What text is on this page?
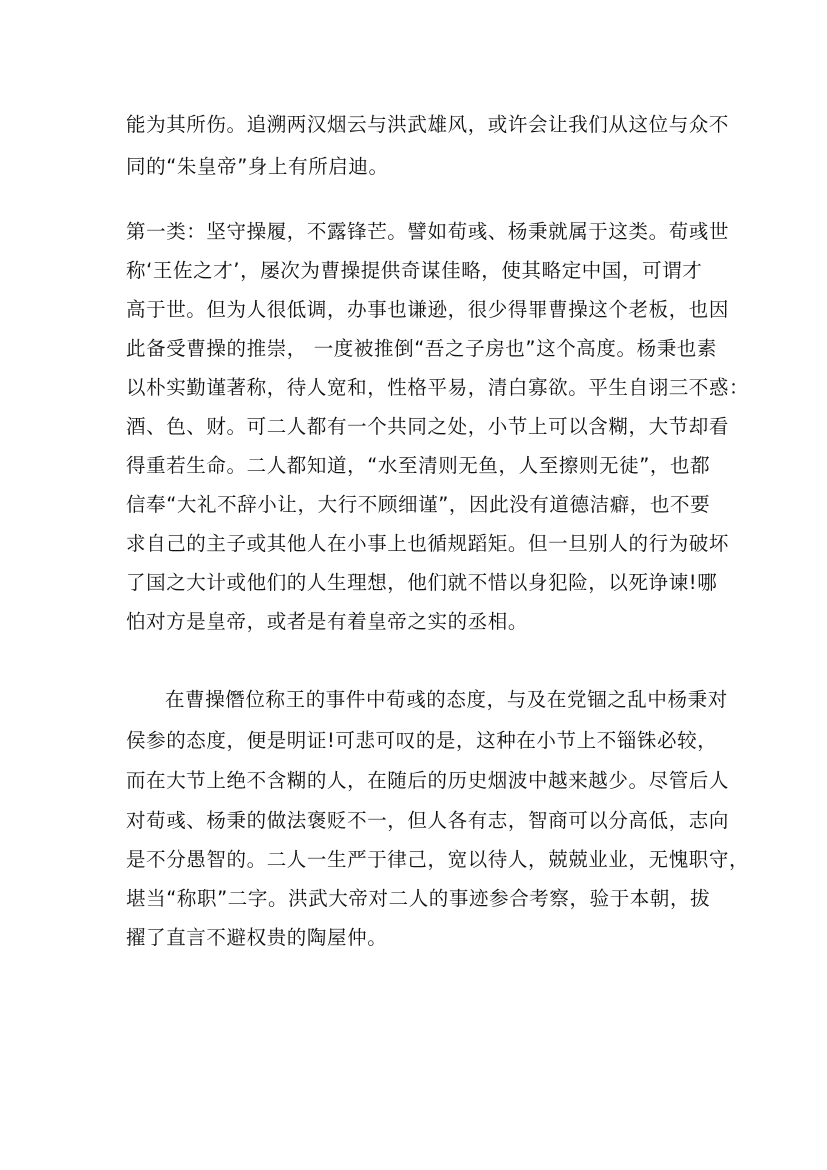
能为其所伤。追溯两汉烟云与洪武雄风，或许会让我们从这位与众不
同的“朱皇帝”身上有所启迪。
第一类：坚守操履，不露锋芒。譬如荀彧、杨秉就属于这类。荀彧世
称‘王佐之才’，屡次为曹操提供奇谋佳略，使其略定中国，可谓才
高于世。但为人很低调，办事也谦逊，很少得罪曹操这个老板，也因
此备受曹操的推崇， 一度被推倒“吾之子房也”这个高度。杨秉也素
以朴实勤谨著称，待人宽和，性格平易，清白寡欲。平生自诩三不惑：
酒、色、财。可二人都有一个共同之处，小节上可以含糊，大节却看
得重若生命。二人都知道，“水至清则无鱼，人至擦则无徒”，也都
信奉“大礼不辞小让，大行不顾细谨”，因此没有道德洁癖，也不要
求自己的主子或其他人在小事上也循规蹈矩。但一旦别人的行为破坏
了国之大计或他们的人生理想，他们就不惜以身犯险，以死诤谏!哪
怕对方是皇帝，或者是有着皇帝之实的丞相。
在曹操僭位称王的事件中荀彧的态度，与及在党锢之乱中杨秉对
侯参的态度，便是明证!可悲可叹的是，这种在小节上不锱铢必较，
而在大节上绝不含糊的人，在随后的历史烟波中越来越少。尽管后人
对荀彧、杨秉的做法褒贬不一，但人各有志，智商可以分高低，志向
是不分愚智的。二人一生严于律己，宽以待人，兢兢业业，无愧职守，
堪当“称职”二字。洪武大帝对二人的事迹参合考察，验于本朝，拔
擢了直言不避权贵的陶屋仲。
